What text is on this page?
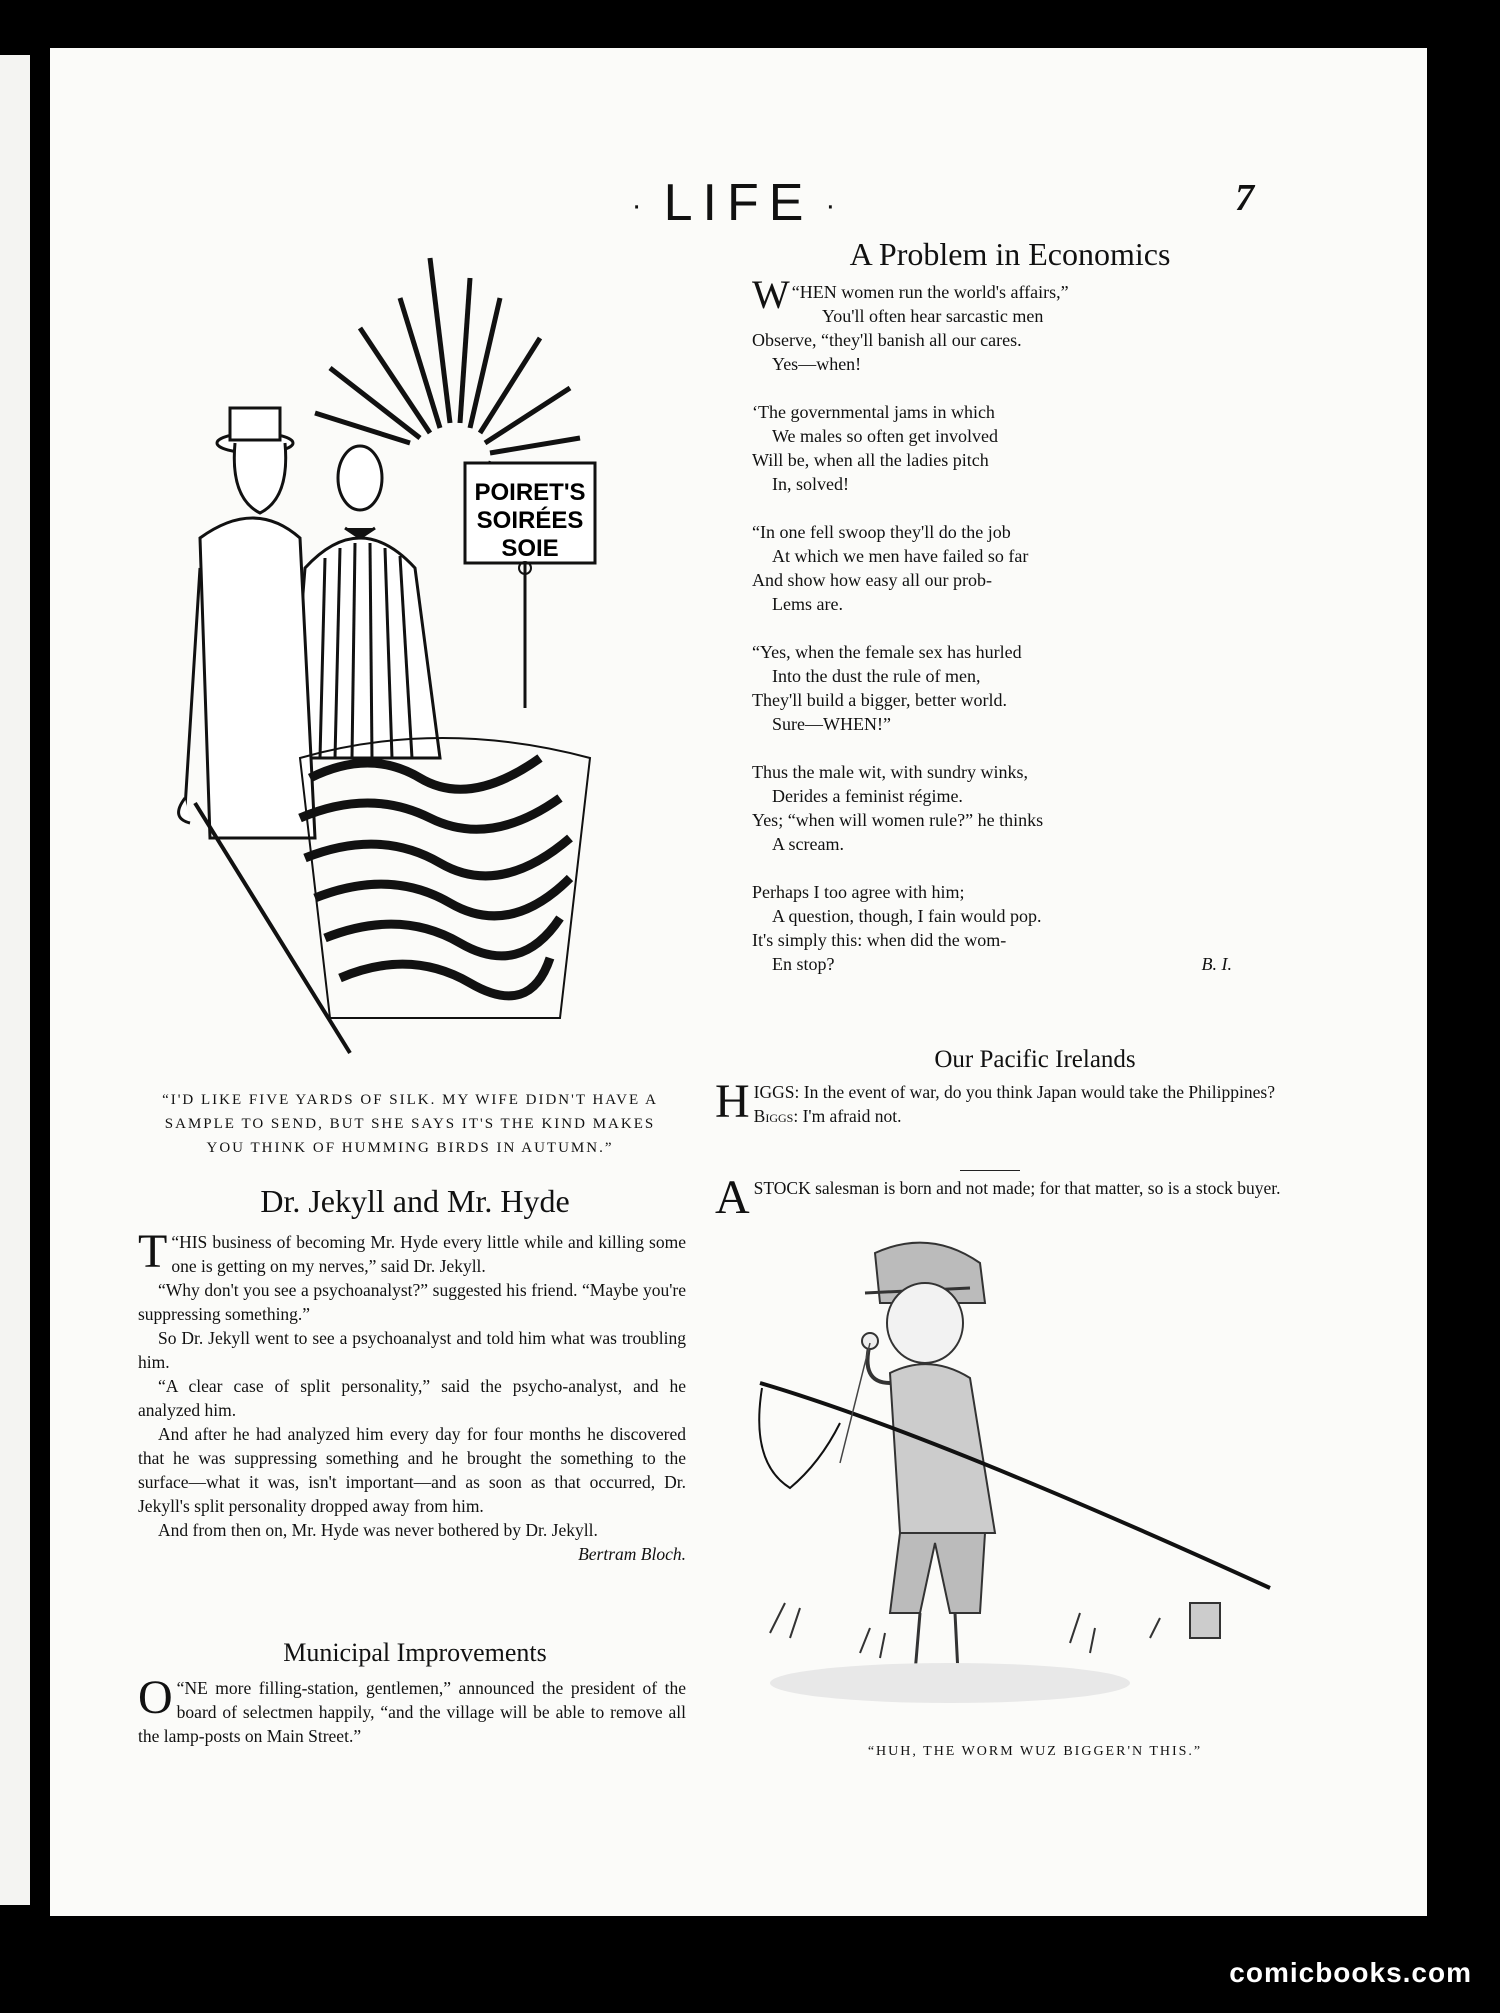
· LIFE ·	7
POIRET'S
SOIRÉES
SOIE
“I'D LIKE FIVE YARDS OF SILK. MY WIFE DIDN'T HAVE A SAMPLE TO SEND, BUT SHE SAYS IT'S THE KIND MAKES YOU THINK OF HUMMING BIRDS IN AUTUMN.”
Dr. Jekyll and Mr. Hyde

T “HIS business of becoming Mr. Hyde every little while and killing some one is getting on my nerves,” said Dr. Jekyll.

“Why don't you see a psychoanalyst?” suggested his friend. “Maybe you're suppressing something.”

So Dr. Jekyll went to see a psychoanalyst and told him what was troubling him.

“A clear case of split personality,” said the psycho-analyst, and he analyzed him.

And after he had analyzed him every day for four months he discovered that he was suppressing something and he brought the something to the surface—what it was, isn't important—and as soon as that occurred, Dr. Jekyll's split personality dropped away from him.

And from then on, Mr. Hyde was never bothered by Dr. Jekyll.
Bertram Bloch.

Municipal Improvements

O “NE more filling-station, gentlemen,” announced the president of the board of selectmen happily, “and the village will be able to remove all the lamp-posts on Main Street.”

A Problem in Economics

W “HEN women run the world's affairs,”
You'll often hear sarcastic men
Observe, “they'll banish all our cares.
Yes—when!

‘The governmental jams in which
We males so often get involved
Will be, when all the ladies pitch
In, solved!

“In one fell swoop they'll do the job
At which we men have failed so far
And show how easy all our prob-
Lems are.

“Yes, when the female sex has hurled
Into the dust the rule of men,
They'll build a bigger, better world.
Sure—WHEN!”

Thus the male wit, with sundry winks,
Derides a feminist régime.
Yes; “when will women rule?” he thinks
A scream.

Perhaps I too agree with him;
A question, though, I fain would pop.
It's simply this: when did the wom-
En stop?	B. I.

Our Pacific Irelands

HIGGS: In the event of war, do you think Japan would take the Philippines?

Biggs: I'm afraid not.

ASTOCK salesman is born and not made; for that matter, so is a stock buyer.

“HUH, THE WORM WUZ BIGGER'N THIS.”
comicbooks.com
